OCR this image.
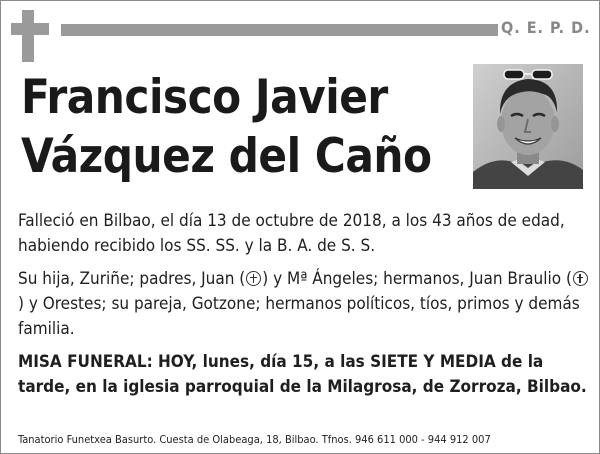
Q. E. P. D.
Francisco Javier
Vázquez del Caño
Falleció en Bilbao, el día 13 de octubre de 2018, a los 43 años de edad, habiendo recibido los SS. SS. y la B. A. de S. S.
Su hija, Zuriñe; padres, Juan ( ) y Mª Ángeles; hermanos, Juan Braulio () y Orestes; su pareja, Gotzone; hermanos políticos, tíos, primos y demás familia.
MISA FUNERAL: HOY, lunes, día 15, a las SIETE Y MEDIA de la tarde, en la iglesia parroquial de la Milagrosa, de Zorroza, Bilbao.
Tanatorio Funetxea Basurto. Cuesta de Olabeaga, 18, Bilbao. Tfnos. 946 611 000 - 944 912 007
